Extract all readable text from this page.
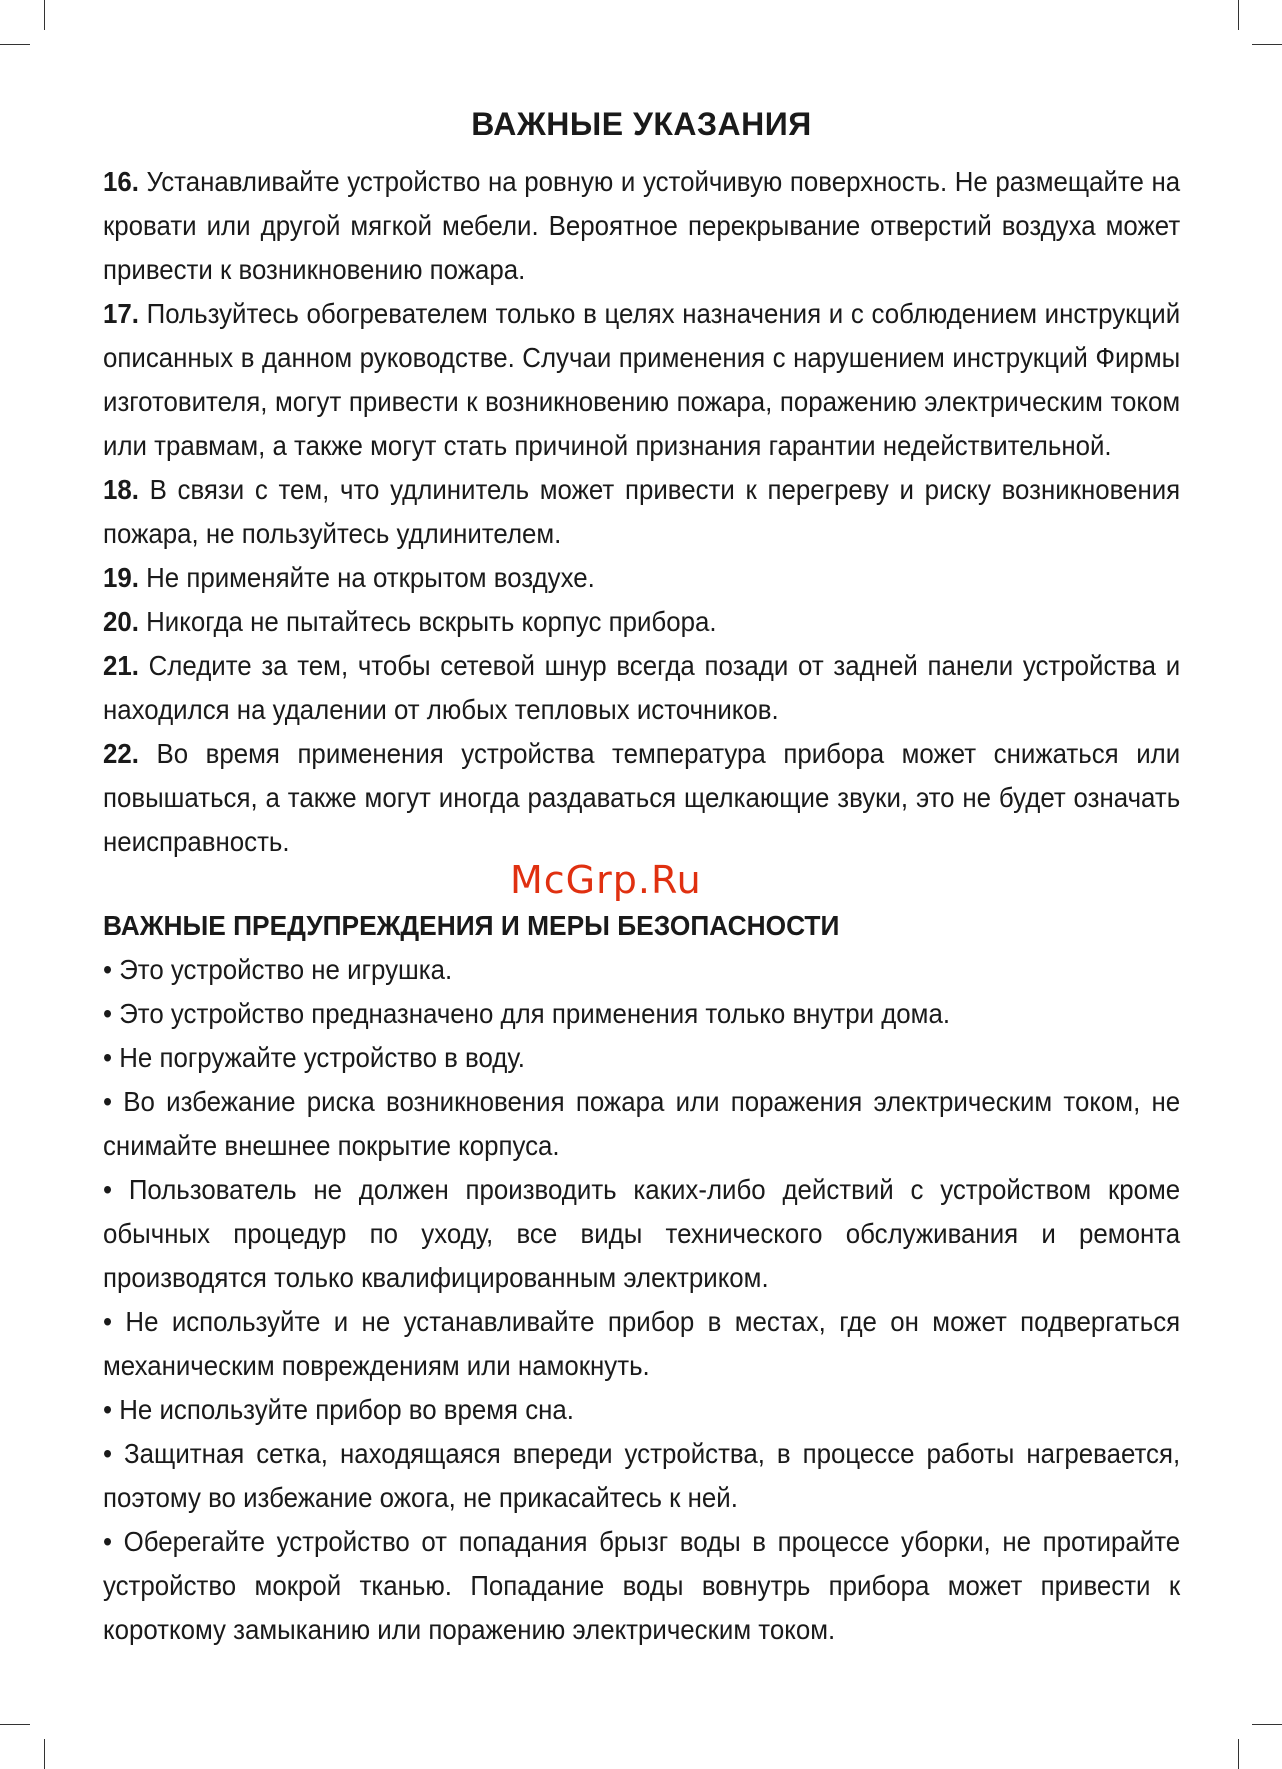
ВАЖНЫЕ УКАЗАНИЯ

16. Устанавливайте устройство на ровную и устойчивую поверхность. Не размещайте на кровати или другой мягкой мебели. Вероятное перекрывание отверстий воздуха может привести к возникновению пожара.

17. Пользуйтесь обогревателем только в целях назначения и с соблюдением инструкций описанных в данном руководстве. Случаи применения с нарушением инструкций Фирмы изготовителя, могут привести к возникновению пожара, поражению электрическим током или травмам, а также могут стать причиной признания гарантии недействительной.

18. В связи с тем, что удлинитель может привести к перегреву и риску возникновения пожара, не пользуйтесь удлинителем.

19. Не применяйте на открытом воздухе.

20. Никогда не пытайтесь вскрыть корпус прибора.

21. Следите за тем, чтобы сетевой шнур всегда позади от задней панели устройства и находился на удалении от любых тепловых источников.

22. Во время применения устройства температура прибора может снижаться или повышаться, а также могут иногда раздаваться щелкающие звуки, это не будет означать неисправность.

ВАЖНЫЕ ПРЕДУПРЕЖДЕНИЯ И МЕРЫ БЕЗОПАСНОСТИ

• Это устройство не игрушка.

• Это устройство предназначено для применения только внутри дома.

• Не погружайте устройство в воду.

• Во избежание риска возникновения пожара или поражения электрическим током, не снимайте внешнее покрытие корпуса.

• Пользователь не должен производить каких-либо действий с устройством кроме обычных процедур по уходу, все виды технического обслуживания и ремонта производятся только квалифицированным электриком.

• Не используйте и не устанавливайте прибор в местах, где он может подвергаться механическим повреждениям или намокнуть.

• Не используйте прибор во время сна.

• Защитная сетка, находящаяся впереди устройства, в процессе работы нагревается, поэтому во избежание ожога, не прикасайтесь к ней.

• Оберегайте устройство от попадания брызг воды в процессе уборки, не протирайте устройство мокрой тканью. Попадание воды вовнутрь прибора может привести к короткому замыканию или поражению электрическим током.

McGrp.Ru
